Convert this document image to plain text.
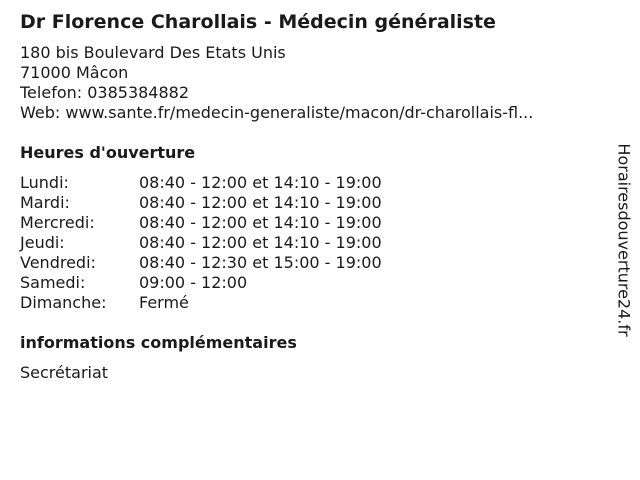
Dr Florence Charollais - Médecin généraliste
180 bis Boulevard Des Etats Unis
71000 Mâcon
Telefon: 0385384882
Web: www.sante.fr/medecin-generaliste/macon/dr-charollais-fl...
Heures d'ouverture
Lundi:	08:40 - 12:00 et 14:10 - 19:00
Mardi:	08:40 - 12:00 et 14:10 - 19:00
Mercredi:	08:40 - 12:00 et 14:10 - 19:00
Jeudi:	08:40 - 12:00 et 14:10 - 19:00
Vendredi:	08:40 - 12:30 et 15:00 - 19:00
Samedi:	09:00 - 12:00
Dimanche:	Fermé
informations complémentaires
Secrétariat
Horairesdouverture24.fr
